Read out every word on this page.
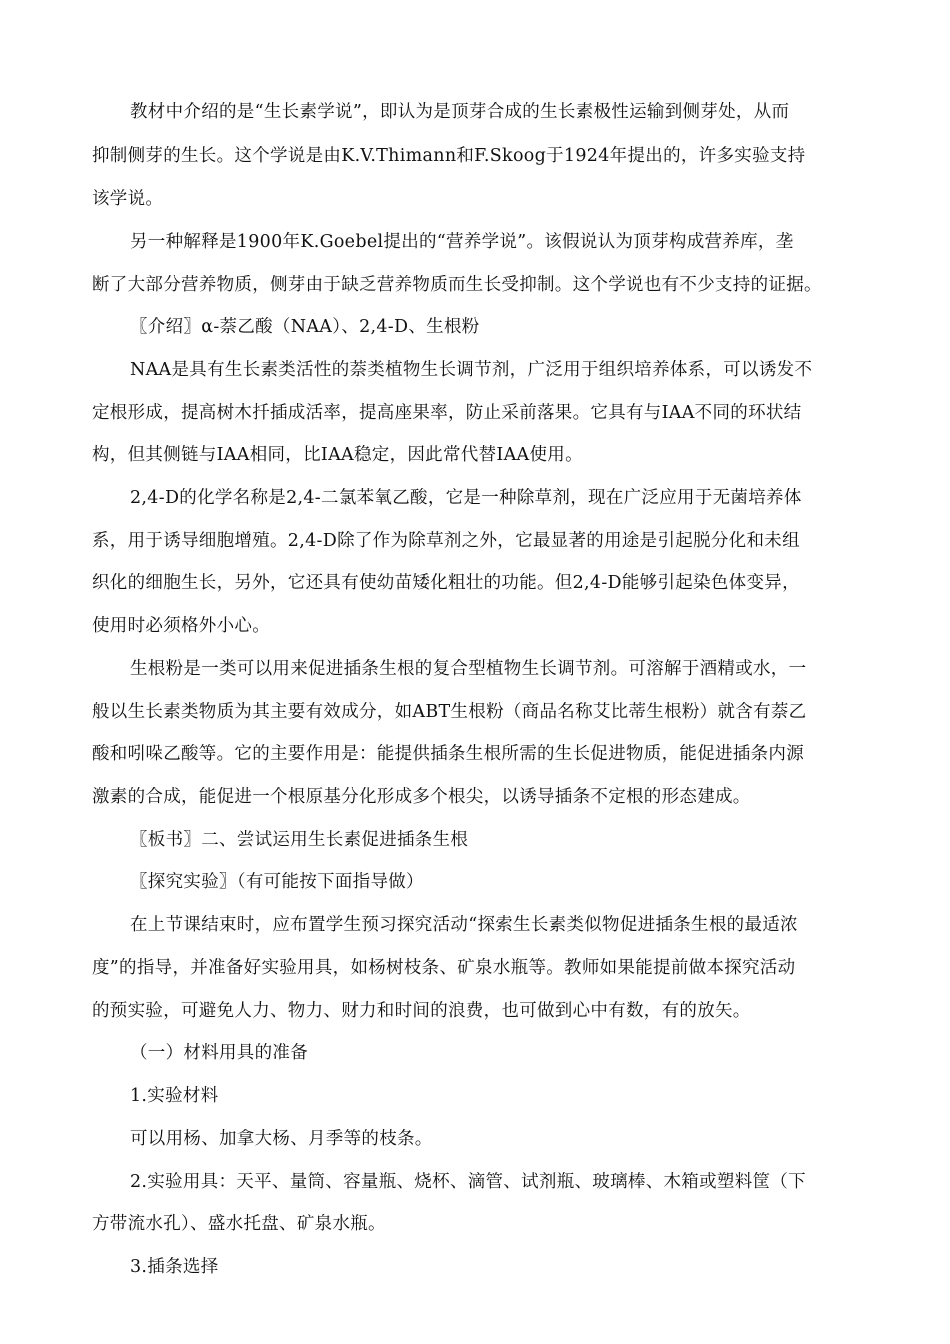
教材中介绍的是“生长素学说”，即认为是顶芽合成的生长素极性运输到侧芽处，从而
抑制侧芽的生长。这个学说是由K.V.Thimann和F.Skoog于1924年提出的，许多实验支持
该学说。
另一种解释是1900年K.Goebel提出的“营养学说”。该假说认为顶芽构成营养库，垄
断了大部分营养物质，侧芽由于缺乏营养物质而生长受抑制。这个学说也有不少支持的证据。
〖介绍〗α-萘乙酸（NAA）、2,4-D、生根粉
NAA是具有生长素类活性的萘类植物生长调节剂，广泛用于组织培养体系，可以诱发不
定根形成，提高树木扦插成活率，提高座果率，防止采前落果。它具有与IAA不同的环状结
构，但其侧链与IAA相同，比IAA稳定，因此常代替IAA使用。
2,4-D的化学名称是2,4-二氯苯氧乙酸，它是一种除草剂，现在广泛应用于无菌培养体
系，用于诱导细胞增殖。2,4-D除了作为除草剂之外，它最显著的用途是引起脱分化和未组
织化的细胞生长，另外，它还具有使幼苗矮化粗壮的功能。但2,4-D能够引起染色体变异，
使用时必须格外小心。
生根粉是一类可以用来促进插条生根的复合型植物生长调节剂。可溶解于酒精或水，一
般以生长素类物质为其主要有效成分，如ABT生根粉（商品名称艾比蒂生根粉）就含有萘乙
酸和吲哚乙酸等。它的主要作用是：能提供插条生根所需的生长促进物质，能促进插条内源
激素的合成，能促进一个根原基分化形成多个根尖，以诱导插条不定根的形态建成。
〖板书〗二、尝试运用生长素促进插条生根
〖探究实验〗（有可能按下面指导做）
在上节课结束时，应布置学生预习探究活动“探索生长素类似物促进插条生根的最适浓
度”的指导，并准备好实验用具，如杨树枝条、矿泉水瓶等。教师如果能提前做本探究活动
的预实验，可避免人力、物力、财力和时间的浪费，也可做到心中有数，有的放矢。
（一）材料用具的准备
1.实验材料
可以用杨、加拿大杨、月季等的枝条。
2.实验用具：天平、量筒、容量瓶、烧杯、滴管、试剂瓶、玻璃棒、木箱或塑料筐（下
方带流水孔）、盛水托盘、矿泉水瓶。
3.插条选择
